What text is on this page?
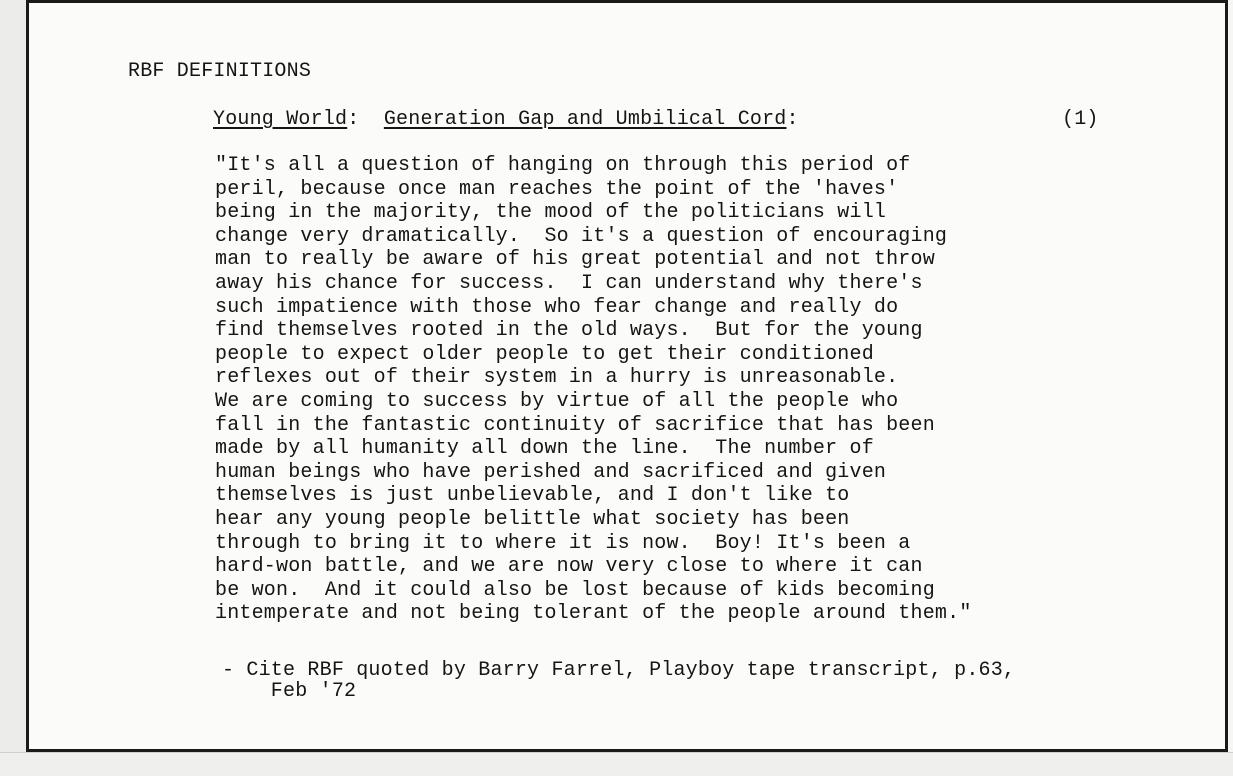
RBF DEFINITIONS
Young World: Generation Gap and Umbilical Cord:	(1)
"It's all a question of hanging on through this period of
peril, because once man reaches the point of the 'haves'
being in the majority, the mood of the politicians will
change very dramatically.  So it's a question of encouraging
man to really be aware of his great potential and not throw
away his chance for success.  I can understand why there's
such impatience with those who fear change and really do
find themselves rooted in the old ways.  But for the young
people to expect older people to get their conditioned
reflexes out of their system in a hurry is unreasonable.
We are coming to success by virtue of all the people who
fall in the fantastic continuity of sacrifice that has been
made by all humanity all down the line.  The number of
human beings who have perished and sacrificed and given
themselves is just unbelievable, and I don't like to
hear any young people belittle what society has been
through to bring it to where it is now.  Boy! It's been a
hard-won battle, and we are now very close to where it can
be won.  And it could also be lost because of kids becoming
intemperate and not being tolerant of the people around them."
- Cite RBF quoted by Barry Farrel, Playboy tape transcript, p.63,
Feb '72
